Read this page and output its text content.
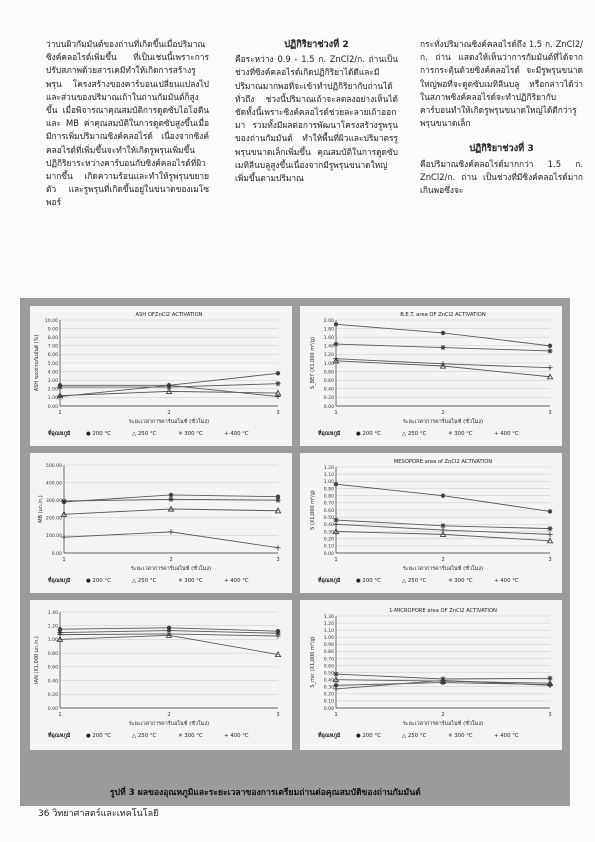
ว่าบนผิวกัมมันต์ของถ่านที่เกิดขึ้นเมื่อปริมาณซิงค์คลอไรด์เพิ่มขึ้น ที่เป็นเช่นนี้เพราะการปรับสภาพด้วยสารเคมีทำให้เกิดการสร้างรูพรุน โครงสร้างของคาร์บอนเปลี่ยนแปลงไป และส่วนของปริมาณเถ้าในถ่านกัมมันต์ก็สูงขึ้น เมื่อพิจารณาคุณสมบัติการดูดซับไอโอดีนและ MB ค่าคุณสมบัติในการดูดซับสูงขึ้นเมื่อมีการเพิ่มปริมาณซิงค์คลอไรด์ เนื่องจากซิงค์คลอไรด์ที่เพิ่มขึ้นจะทำให้เกิดรูพรุนเพิ่มขึ้น ปฏิกิริยาระหว่างคาร์บอนกับซิงค์คลอไรด์ที่ผิวมากขึ้น เกิดความร้อนและทำให้รูพรุนขยายตัว และรูพรุนที่เกิดขึ้นอยู่ในขนาดของเมโซพอร์

ปฏิกิริยาช่วงที่ 2

คือระหว่าง 0.9 - 1.5 ก. ZnCl2/ก. ถ่านเป็นช่วงที่ซิงค์คลอไรด์เกิดปฏิกิริยาได้ดีและมีปริมาณมากพอที่จะเข้าทำปฏิกิริยากับถ่านได้ทั่วถึง ช่วงนี้ปริมาณเถ้าจะลดลงอย่างเห็นได้ชัดทั้งนี้เพราะซิงค์คลอไรด์ช่วยละลายเถ้าออกมา รวมทั้งมีผลต่อการพัฒนาโครงสร้างรูพรุนของถ่านกัมมันต์ ทำให้พื้นที่ผิวและปริมาตรรูพรุนขนาดเล็กเพิ่มขึ้น คุณสมบัติในการดูดซับเมทิลีนบลูสูงขึ้นเนื่องจากมีรูพรุนขนาดใหญ่เพิ่มขึ้นตามปริมาณ

กระทั่งปริมาณซิงค์คลอไรด์ถึง 1.5 ก. ZnCl2/ก. ถ่าน แสดงให้เห็นว่าการกัมมันต์ที่ได้จากการกระตุ้นด้วยซิงค์คลอไรด์ จะมีรูพรุนขนาดใหญ่พอที่จะดูดซับเมทิลีนบลู หรือกล่าวได้ว่าในสภาพซิงค์คลอไรด์จะทำปฏิกิริยากับคาร์บอนทำให้เกิดรูพรุนขนาดใหญ่ได้ดีกว่ารูพรุนขนาดเล็ก

ปฏิกิริยาช่วงที่ 3

คือปริมาณซิงค์คลอไรด์มากกว่า 1.5 ก. ZnCl2/ก. ถ่าน เป็นช่วงที่มีซิงค์คลอไรด์มากเกินพอซึ่งจะ

0.00
1.00
2.00
3.00
4.00
5.00
6.00
7.00
8.00
9.00
10.00
1	2	3
ASH OFZnCl2 ACTIVATION
ระยะเวลาการคาร์บอไนซ์ (ชั่วโมง)
ASH ของถ่านกัมมันต์ (%)
ที่อุณหภูมิ	● 200 °C	△ 250 °C	✳ 300 °C	+ 400 °C
0.00
0.20
0.40
0.60
0.80
1.00
1.20
1.40
1.60
1.80
2.00
1	2	3
B.E.T. area OF ZnCl2 ACTIVATION
ระยะเวลาการคาร์บอไนซ์ (ชั่วโมง)
S_BET (X1,000 m²/g)
ที่อุณหภูมิ	● 200 °C	△ 250 °C	✳ 300 °C	+ 400 °C
0.00
100.00
200.00
300.00
400.00
500.00
1	2	3
ระยะเวลาการคาร์บอไนซ์ (ชั่วโมง)
MB (มก./ก.)
ที่อุณหภูมิ	● 200 °C	△ 250 °C	✳ 300 °C	+ 400 °C
0.00
0.10
0.20
0.30
0.40
0.50
0.60
0.70
0.80
0.90
1.00
1.10
1.20
1	2	3
MESOPORE area of ZnCl2 ACTIVATION
ระยะเวลาการคาร์บอไนซ์ (ชั่วโมง)
S (X1,000 m²/g)
ที่อุณหภูมิ	● 200 °C	△ 250 °C	✳ 300 °C	+ 400 °C
0.00
0.20
0.40
0.60
0.80
1.00
1.20
1.40
1	2	3
ระยะเวลาการคาร์บอไนซ์ (ชั่วโมง)
IAN (X1,000 มก./ก.)
ที่อุณหภูมิ	● 200 °C	△ 250 °C	✳ 300 °C	+ 400 °C
0.00
0.10
0.20
0.30
0.40
0.50
0.60
0.70
0.80
0.90
1.00
1.10
1.20
1.30
1	2	3
1-MICROPORE area OF ZnCl2 ACTIVATION
ระยะเวลาการคาร์บอไนซ์ (ชั่วโมง)
S_mic (X1,000 m²/g)
ที่อุณหภูมิ	● 200 °C	△ 250 °C	✳ 300 °C	+ 400 °C
รูปที่ 3 ผลของอุณหภูมิและระยะเวลาของการเตรียมถ่านต่อคุณสมบัติของถ่านกัมมันต์
36 วิทยาศาสตร์และเทคโนโลยี
